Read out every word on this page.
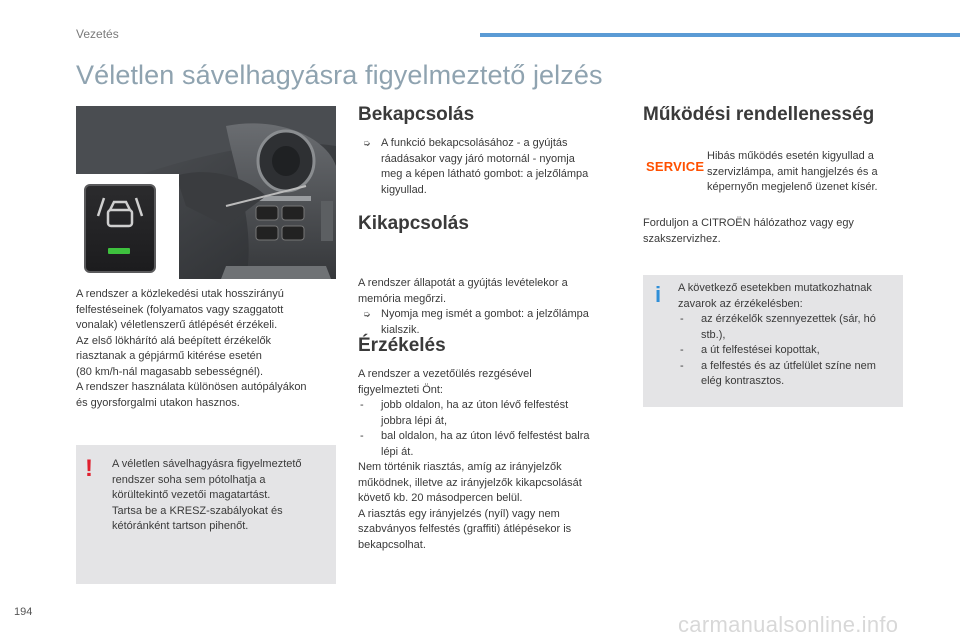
Vezetés
Véletlen sávelhagyásra figyelmeztető jelzés

A rendszer a közlekedési utak hosszirányú

felfestéseinek (folyamatos vagy szaggatott

vonalak) véletlenszerű átlépését érzékeli.

Az első lökhárító alá beépített érzékelők

riasztanak a gépjármű kitérése esetén

(80 km/h-nál magasabb sebességnél).

A rendszer használata különösen autópályákon

és gyorsforgalmi utakon hasznos.

! A véletlen sávelhagyásra figyelmeztető

rendszer soha sem pótolhatja a

körültekintő vezetői magatartást.

Tartsa be a KRESZ-szabályokat és

kétóránként tartson pihenőt.

Bekapcsolás
➭ A funkció bekapcsolásához - a gyújtás

ráadásakor vagy járó motornál - nyomja

meg a képen látható gombot: a jelzőlámpa

kigyullad.

Kikapcsolás
➭ Nyomja meg ismét a gombot: a jelzőlámpa

kialszik.

A rendszer állapotát a gyújtás levételekor a

memória megőrzi.

Érzékelés

A rendszer a vezetőülés rezgésével

figyelmezteti Önt:

- jobb oldalon, ha az úton lévő felfestést

jobbra lépi át,

- bal oldalon, ha az úton lévő felfestést balra

lépi át.

Nem történik riasztás, amíg az irányjelzők

működnek, illetve az irányjelzők kikapcsolását

követő kb. 20 másodpercen belül.

A riasztás egy irányjelzés (nyíl) vagy nem

szabványos felfestés (graffiti) átlépésekor is

bekapcsolhat.

Működési rendellenesség
SERVICE

Hibás működés esetén kigyullad a

szervizlámpa, amit hangjelzés és a

képernyőn megjelenő üzenet kísér.

Forduljon a CITROËN hálózathoz vagy egy

szakszervizhez.

i A következő esetekben mutatkozhatnak

zavarok az érzékelésben:

- az érzékelők szennyezettek (sár, hó

stb.),

- a út felfestései kopottak,

- a felfestés és az útfelület színe nem

elég kontrasztos.

194	carmanualsonline.info
